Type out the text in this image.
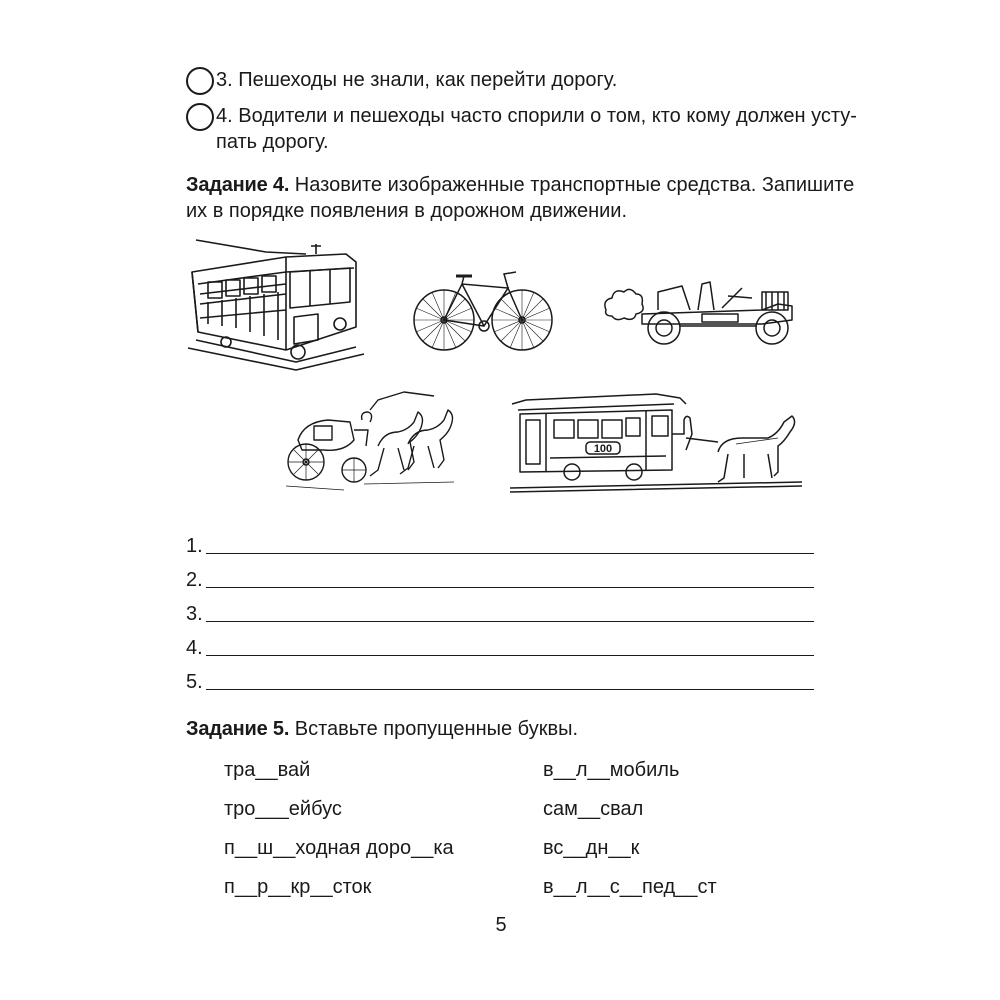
3. Пешеходы не знали, как перейти дорогу.
4. Водители и пешеходы часто спорили о том, кто кому должен усту-
пать дорогу.
Задание 4. Назовите изображенные транспортные средства. Запишите
их в порядке появления в дорожном движении.
100
1.
2.
3.
4.
5.
Задание 5. Вставьте пропущенные буквы.
тра__вай
тро___ейбус
п__ш__ходная доро__ка
п__р__кр__сток
в__л__мобиль
сам__свал
вс__дн__к
в__л__с__пед__ст
5
